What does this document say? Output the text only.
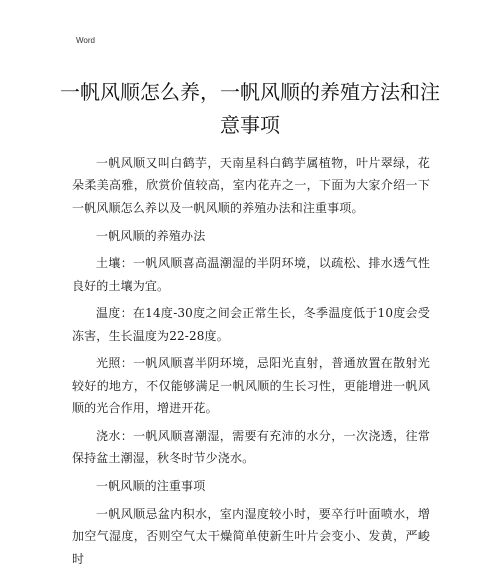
Word
一帆风顺怎么养，一帆风顺的养殖方法和注意事项

一帆风顺又叫白鹤芋，天南星科白鹤芋属植物，叶片翠绿，花朵柔美高雅，欣赏价值较高，室内花卉之一，下面为大家介绍一下一帆风顺怎么养以及一帆风顺的养殖办法和注重事项。

一帆风顺的养殖办法

土壤：一帆风顺喜高温潮湿的半阴环境，以疏松、排水透气性良好的土壤为宜。

温度：在14度-30度之间会正常生长，冬季温度低于10度会受冻害，生长温度为22-28度。

光照：一帆风顺喜半阴环境，忌阳光直射，普通放置在散射光较好的地方，不仅能够满足一帆风顺的生长习性，更能增进一帆风顺的光合作用，增进开花。

浇水：一帆风顺喜潮湿，需要有充沛的水分，一次浇透，往常保持盆土潮湿，秋冬时节少浇水。

一帆风顺的注重事项

一帆风顺忌盆内积水，室内湿度较小时，要卒行叶面喷水，增加空气湿度，否则空气太干燥简单使新生叶片会变小、发黄，严峻时
